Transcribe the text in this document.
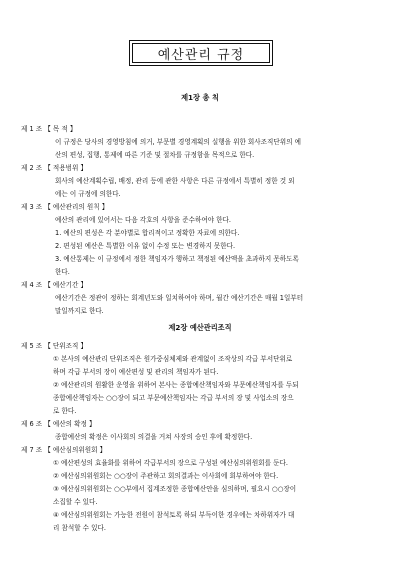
예산관리 규정
제1장 총 칙
제 1 조 【 목 적 】
이 규정은 당사의 경영방침에 의거, 부문별 경영계획의 실행을 위한 회사조직단위의 예
산의 편성, 집행, 통제에 따른 기준 및 절차를 규정함을 목적으로 한다.
제 2 조 【 적용범위 】
회사의 예산계획수립, 배정, 관리 등에 관한 사항은 다른 규정에서 특별히 정한 것 외
에는 이 규정에 의한다.
제 3 조 【 예산관리의 원칙 】
예산의 관리에 있어서는 다음 각호의 사항을 준수하여야 한다.
1. 예산의 편성은 각 분야별로 합리적이고 정확한 자료에 의한다.
2. 편성된 예산은 특별한 이유 없이 수정 또는 변경하지 못한다.
3. 예산통제는 이 규정에서 정한 책임자가 행하고 책정된 예산액을 초과하지 못하도록
한다.
제 4 조 【 예산기간 】
예산기간은 정관이 정하는 회계년도와 일치하여야 하며, 월간 예산기간은 매월 1일부터
말일까지로 한다.
제2장 예산관리조직
제 5 조 【 단위조직 】
① 본사의 예산관리 단위조직은 원가중심체제와 관계없이 조작상의 각급 부서단위로
하며 각급 부서의 장이 예산편성 및 관리의 책임자가 된다.
② 예산관리의 원활한 운영을 위하여 본사는 종합예산책임자와 부문예산책임자를 두되
종합예산책임자는 ○○장이 되고 부문예산책임자는 각급 부서의 장 및 사업소의 장으
로 한다.
제 6 조 【 예산의 확정 】
종합예산의 확정은 이사회의 의결을 거쳐 사장의 승인 후에 확정한다.
제 7 조 【 예산심의위원회 】
① 예산편성의 효율화를 위하여 각급부서의 장으로 구성된 예산심의위원회를 둔다.
② 예산심의위원회는 ○○장이 주관하고 회의결과는 이사회에 회부하여야 한다.
③ 예산심의위원회는 ○○부에서 집계조정한 종합예산안을 심의하며, 필요시 ○○장이
소집할 수 있다.
④ 예산심의위원회는 가능한 전원이 참석토록 하되 부득이한 경우에는 차하위자가 대
리 참석할 수 있다.
